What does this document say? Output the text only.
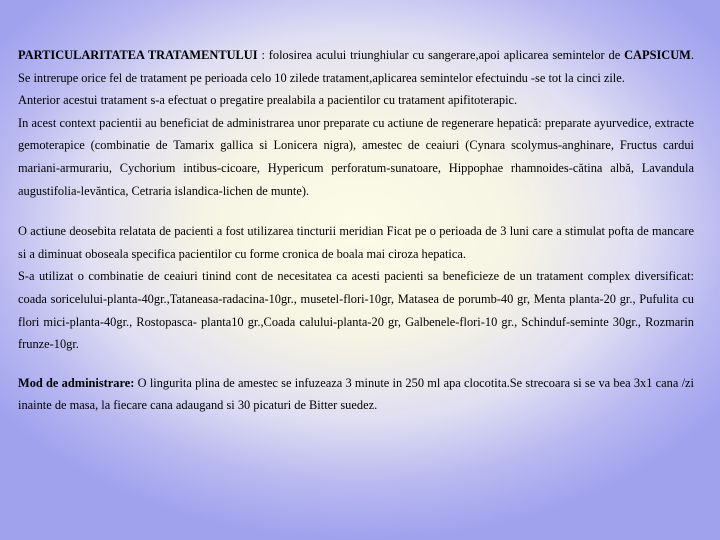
PARTICULARITATEA TRATAMENTULUI : folosirea acului triunghiular cu sangerare,apoi aplicarea semintelor de CAPSICUM. Se intrerupe orice fel de tratament pe perioada celo 10 zilede tratament,aplicarea semintelor efectuindu -se tot la cinci zile.

Anterior acestui tratament s-a efectuat o pregatire prealabila a pacientilor cu tratament apifitoterapic.

In acest context pacientii au beneficiat de administrarea unor preparate cu actiune de regenerare hepatică: preparate ayurvedice, extracte gemoterapice (combinatie de Tamarix gallica si Lonicera nigra), amestec de ceaiuri (Cynara scolymus-anghinare, Fructus cardui mariani-armurariu, Cychorium intibus-cicoare, Hypericum perforatum-sunatoare, Hippophae rhamnoides-cătina albă, Lavandula augustifolia-levăntica, Cetraria islandica-lichen de munte).

O actiune deosebita relatata de pacienti a fost utilizarea tincturii meridian Ficat pe o perioada de 3 luni care a stimulat pofta de mancare si a diminuat oboseala specifica pacientilor cu forme cronica de boala mai ciroza hepatica.

S-a utilizat o combinatie de ceaiuri tinind cont de necesitatea ca acesti pacienti sa beneficieze de un tratament complex diversificat: coada soricelului-planta-40gr.,Tataneasa-radacina-10gr., musetel-flori-10gr, Matasea de porumb-40 gr, Menta planta-20 gr., Pufulita cu flori mici-planta-40gr., Rostopasca- planta10 gr.,Coada calului-planta-20 gr, Galbenele-flori-10 gr., Schinduf-seminte 30gr., Rozmarin frunze-10gr.

Mod de administrare: O lingurita plina de amestec se infuzeaza 3 minute in 250 ml apa clocotita.Se strecoara si se va bea 3x1 cana /zi inainte de masa, la fiecare cana adaugand si 30 picaturi de Bitter suedez.
